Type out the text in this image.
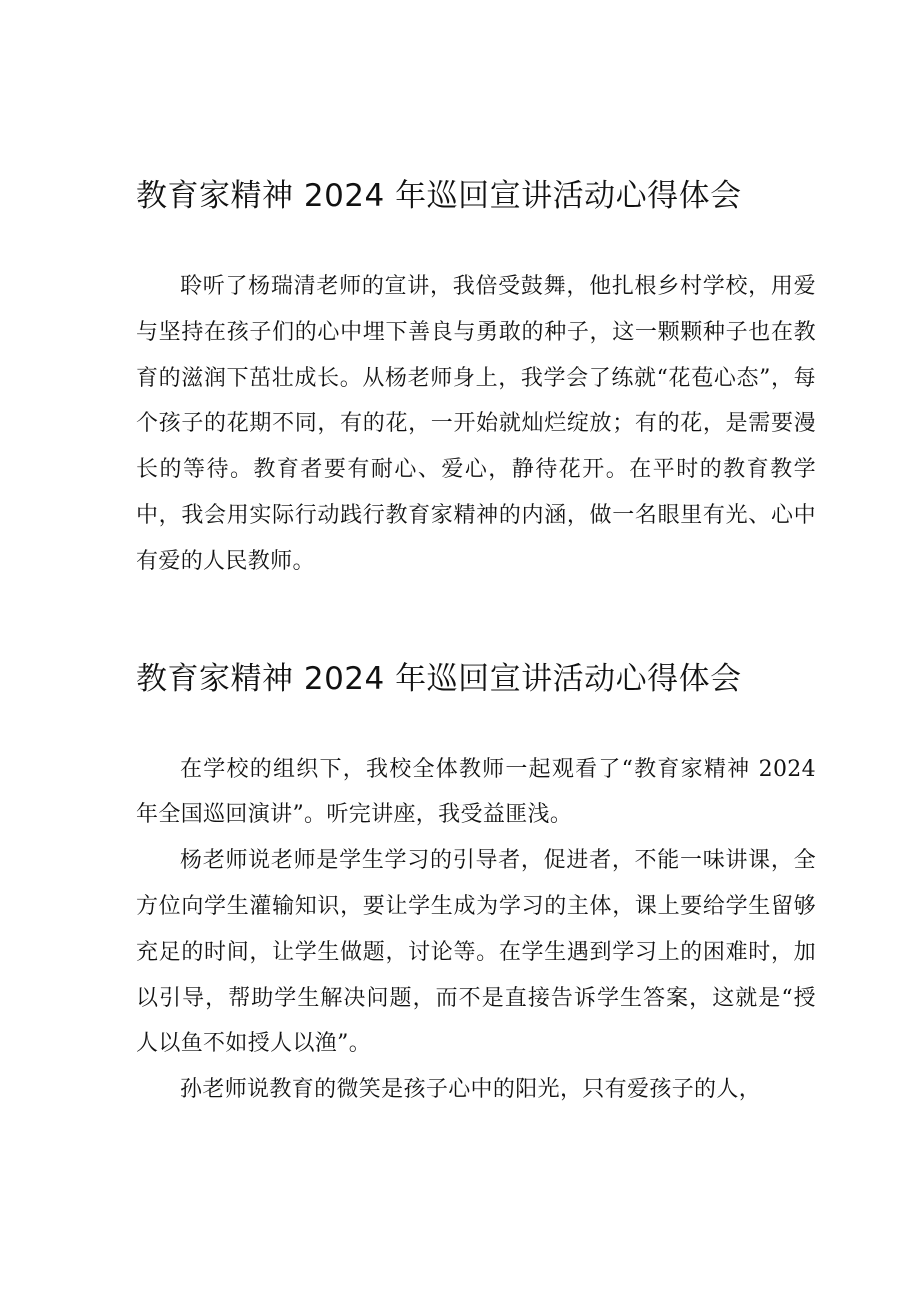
教育家精神 2024 年巡回宣讲活动心得体会

聆听了杨瑞清老师的宣讲，我倍受鼓舞，他扎根乡村学校，用爱与坚持在孩子们的心中埋下善良与勇敢的种子，这一颗颗种子也在教育的滋润下茁壮成长。从杨老师身上，我学会了练就“花苞心态”，每个孩子的花期不同，有的花，一开始就灿烂绽放；有的花，是需要漫长的等待。教育者要有耐心、爱心，静待花开。在平时的教育教学中，我会用实际行动践行教育家精神的内涵，做一名眼里有光、心中有爱的人民教师。

教育家精神 2024 年巡回宣讲活动心得体会

在学校的组织下，我校全体教师一起观看了“教育家精神 2024 年全国巡回演讲”。听完讲座，我受益匪浅。

杨老师说老师是学生学习的引导者，促进者，不能一味讲课，全方位向学生灌输知识，要让学生成为学习的主体，课上要给学生留够充足的时间，让学生做题，讨论等。在学生遇到学习上的困难时，加以引导，帮助学生解决问题，而不是直接告诉学生答案，这就是“授人以鱼不如授人以渔”。

孙老师说教育的微笑是孩子心中的阳光，只有爱孩子的人，
